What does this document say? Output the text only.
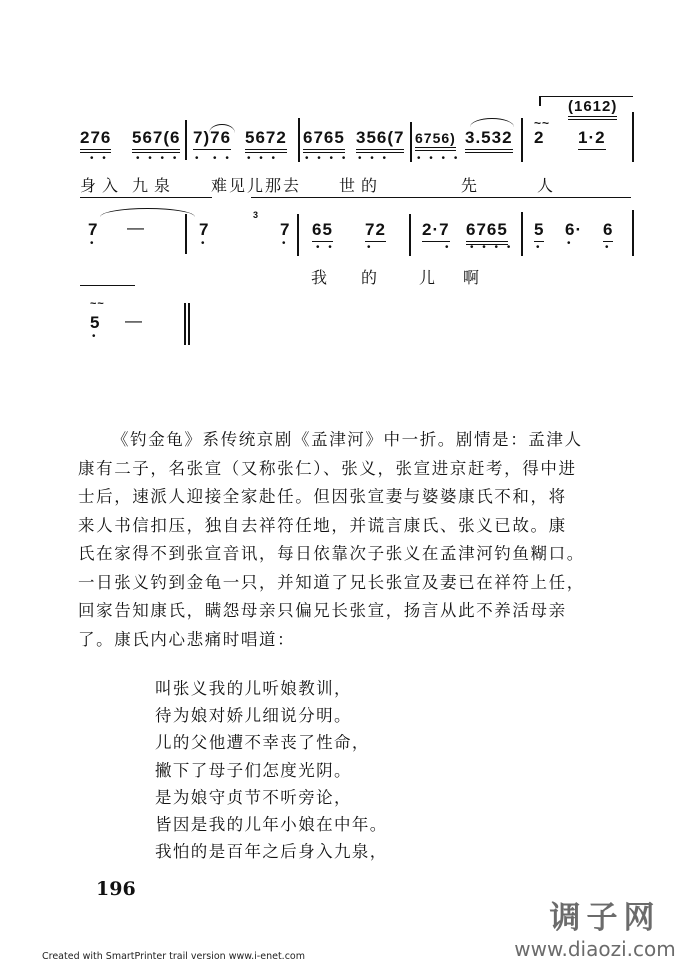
276
• •
567(6
• • • •
7)76
•  • •
5672
• • •
6765
• • • •
356(7
• • •
6756)
• • • •
3.532
~~
2
(1612)
1·2
身入 九泉 难见儿那去 世的	先	人
7
•
—	7
•
3
7
•
65
• •
72
•
2·7
•
6765
• • • •
5
•
6·
•
6
•
我 的	儿 啊
~~
5
•
—
《钓金龟》系传统京剧《孟津河》中一折。剧情是：孟津人
康有二子，名张宣（又称张仁）、张义，张宣进京赶考，得中进
士后，速派人迎接全家赴任。但因张宣妻与婆婆康氏不和，将
来人书信扣压，独自去祥符任地，并谎言康氏、张义已故。康
氏在家得不到张宣音讯，每日依靠次子张义在孟津河钓鱼糊口。
一日张义钓到金龟一只，并知道了兄长张宣及妻已在祥符上任，
回家告知康氏，瞒怨母亲只偏兄长张宣，扬言从此不养活母亲
了。康氏内心悲痛时唱道：
叫张义我的儿听娘教训，
待为娘对娇儿细说分明。
儿的父他遭不幸丧了性命，
撇下了母子们怎度光阴。
是为娘守贞节不听旁论，
皆因是我的儿年小娘在中年。
我怕的是百年之后身入九泉，
196
Created with SmartPrinter trail version www.i-enet.com
调子网
www.diaozi.com
